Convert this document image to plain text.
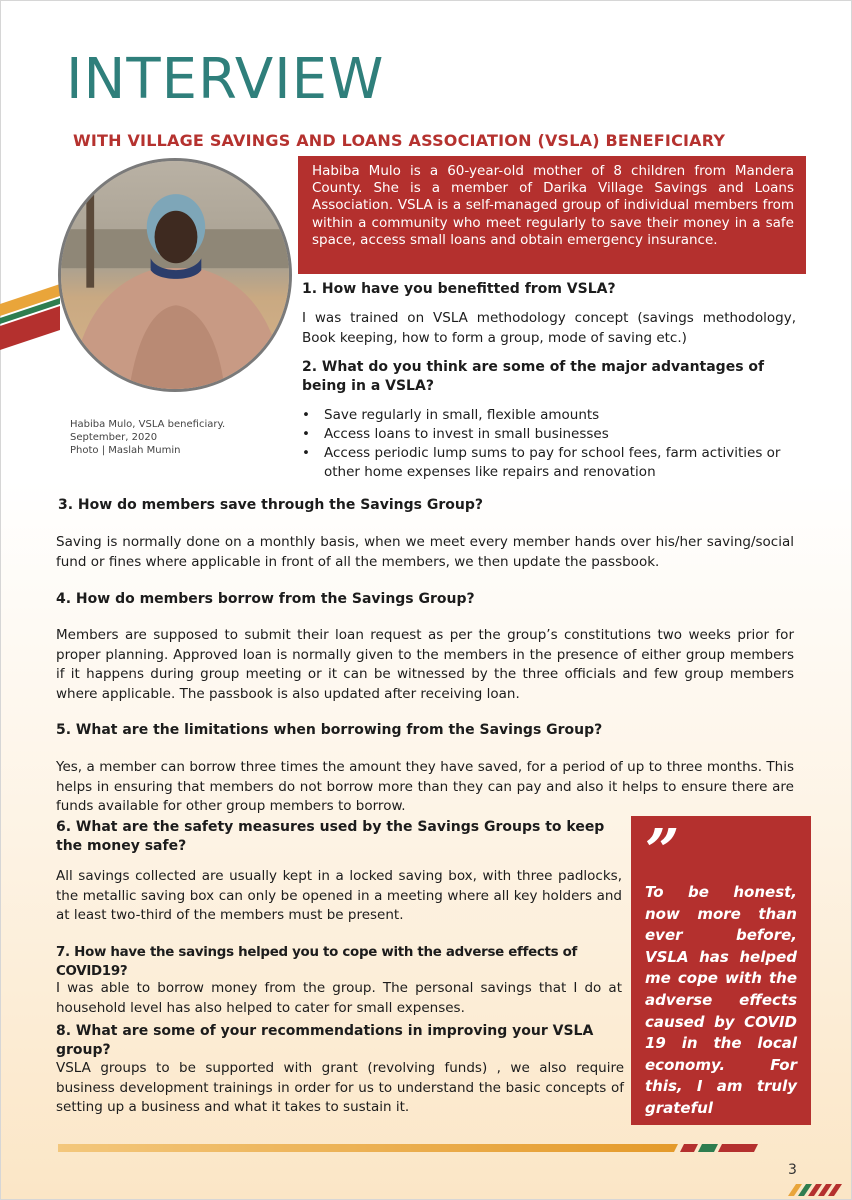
INTERVIEW
WITH VILLAGE SAVINGS AND LOANS ASSOCIATION (VSLA) BENEFICIARY
Habiba Mulo, VSLA beneficiary.
September, 2020
Photo | Maslah Mumin
Habiba Mulo is a 60-year-old mother of 8 children from Mandera County. She is a member of Darika Village Savings and Loans Association. VSLA is a self-managed group of individual members from within a community who meet regularly to save their money in a safe space, access small loans and obtain emergency insurance.

1. How have you benefitted from VSLA?

I was trained on VSLA methodology concept (savings methodology, Book keeping, how to form a group, mode of saving etc.)

2. What do you think are some of the major advantages of being in a VSLA?

• Save regularly in small, flexible amounts
• Access loans to invest in small businesses
• Access periodic lump sums to pay for school fees, farm activities or other home expenses like repairs and renovation

3. How do members save through the Savings Group?

Saving is normally done on a monthly basis, when we meet every member hands over his/her saving/social fund or fines where applicable in front of all the members, we then update the passbook.

4. How do members borrow from the Savings Group?

Members are supposed to submit their loan request as per the group’s constitutions two weeks prior for proper planning. Approved loan is normally given to the members in the presence of either group members if it happens during group meeting or it can be witnessed by the three officials and few group members where applicable. The passbook is also updated after receiving loan.

5. What are the limitations when borrowing from the Savings Group?

Yes, a member can borrow three times the amount they have saved, for a period of up to three months. This helps in ensuring that members do not borrow more than they can pay and also it helps to ensure there are funds available for other group members to borrow.

6. What are the safety measures used by the Savings Groups to keep the money safe?

All savings collected are usually kept in a locked saving box, with three padlocks, the metallic saving box can only be opened in a meeting where all key holders and at least two-third of the members must be present.

7. How have the savings helped you to cope with the adverse effects of COVID19?

I was able to borrow money from the group. The personal savings that I do at household level has also helped to cater for small expenses.

8. What are some of your recommendations in improving your VSLA group?

VSLA groups to be supported with grant (revolving funds) , we also require business development trainings in order for us to understand the basic concepts of setting up a business and what it takes to sustain it.

”
To be honest, now more than ever before, VSLA has helped me cope with the adverse effects caused by COVID 19 in the local economy. For this, I am truly grateful
3
